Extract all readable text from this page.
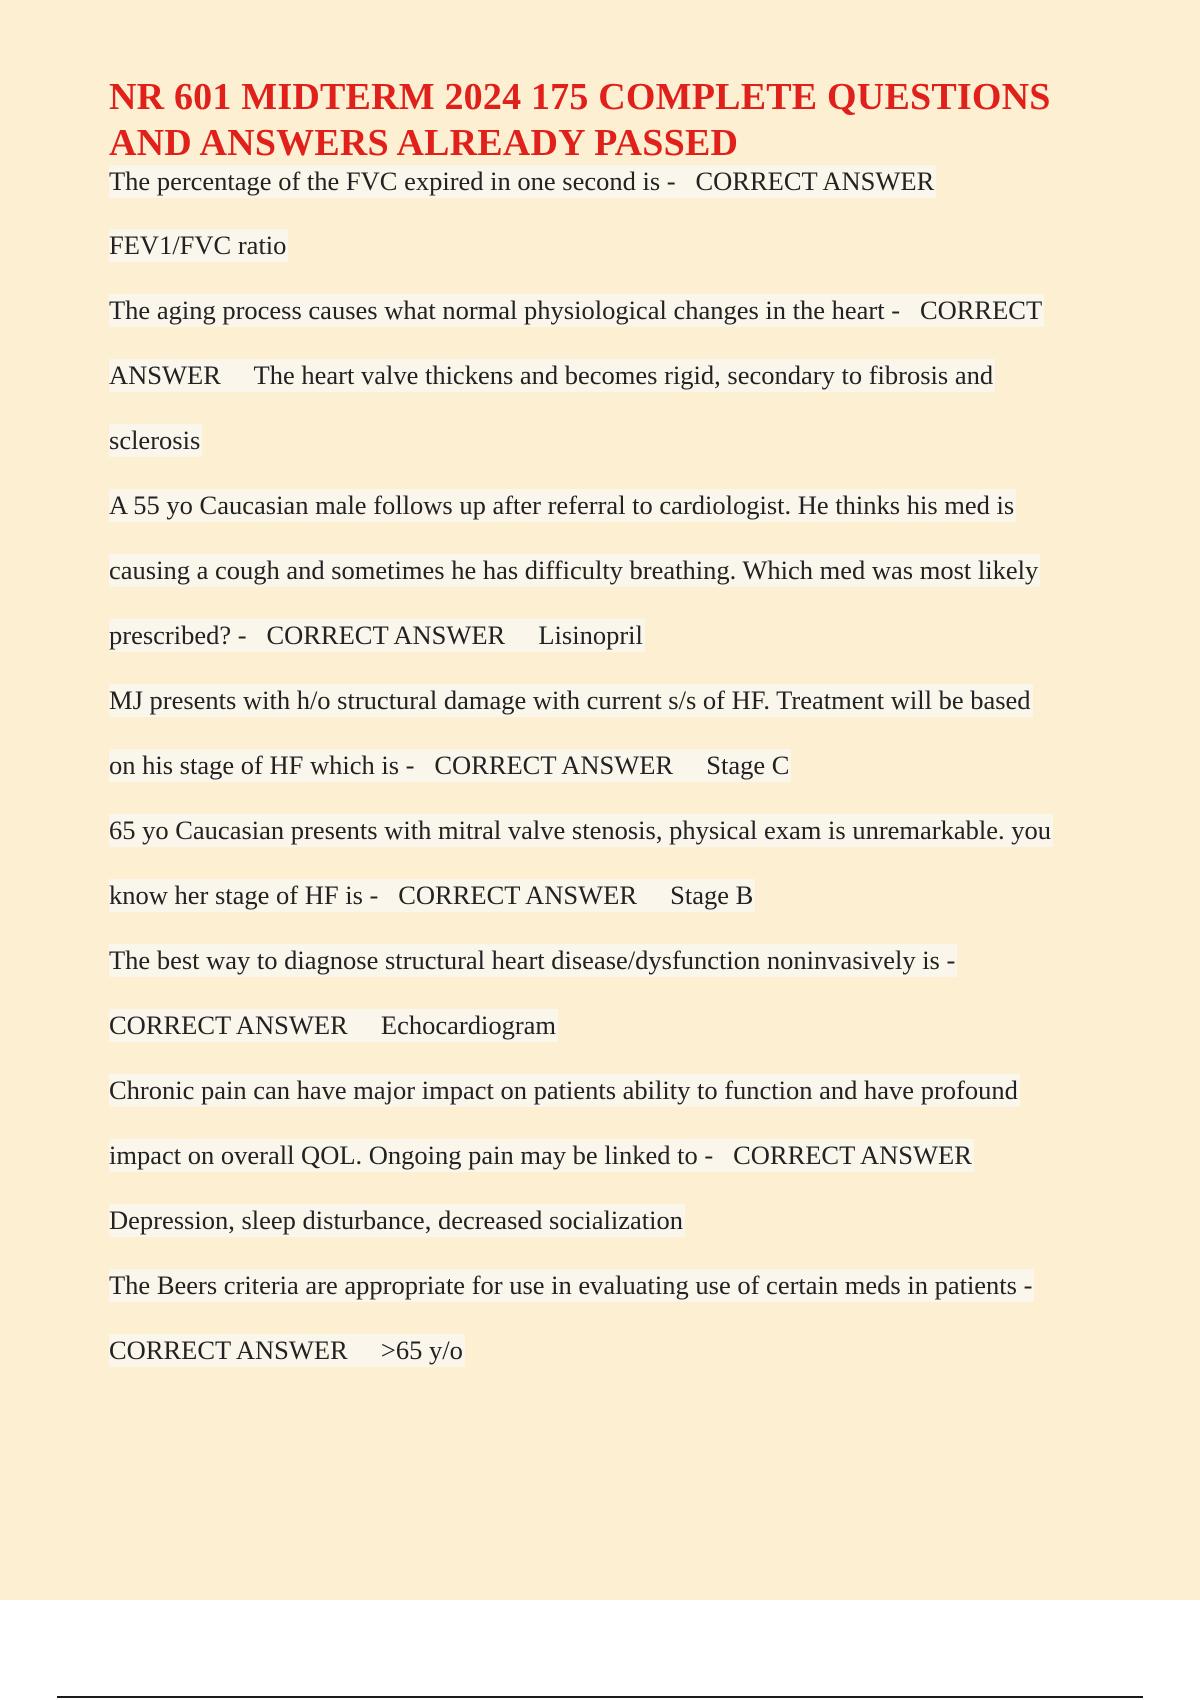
NR 601 MIDTERM 2024 175 COMPLETE QUESTIONS AND ANSWERS ALREADY PASSED
The percentage of the FVC expired in one second is -   CORRECT ANSWER
FEV1/FVC ratio
The aging process causes what normal physiological changes in the heart -   CORRECT
ANSWER     The heart valve thickens and becomes rigid, secondary to fibrosis and
sclerosis
A 55 yo Caucasian male follows up after referral to cardiologist. He thinks his med is
causing a cough and sometimes he has difficulty breathing. Which med was most likely
prescribed? -   CORRECT ANSWER     Lisinopril
MJ presents with h/o structural damage with current s/s of HF. Treatment will be based
on his stage of HF which is -   CORRECT ANSWER     Stage C
65 yo Caucasian presents with mitral valve stenosis, physical exam is unremarkable. you
know her stage of HF is -   CORRECT ANSWER     Stage B
The best way to diagnose structural heart disease/dysfunction noninvasively is -
CORRECT ANSWER     Echocardiogram
Chronic pain can have major impact on patients ability to function and have profound
impact on overall QOL. Ongoing pain may be linked to -   CORRECT ANSWER
Depression, sleep disturbance, decreased socialization
The Beers criteria are appropriate for use in evaluating use of certain meds in patients -
CORRECT ANSWER     >65 y/o
